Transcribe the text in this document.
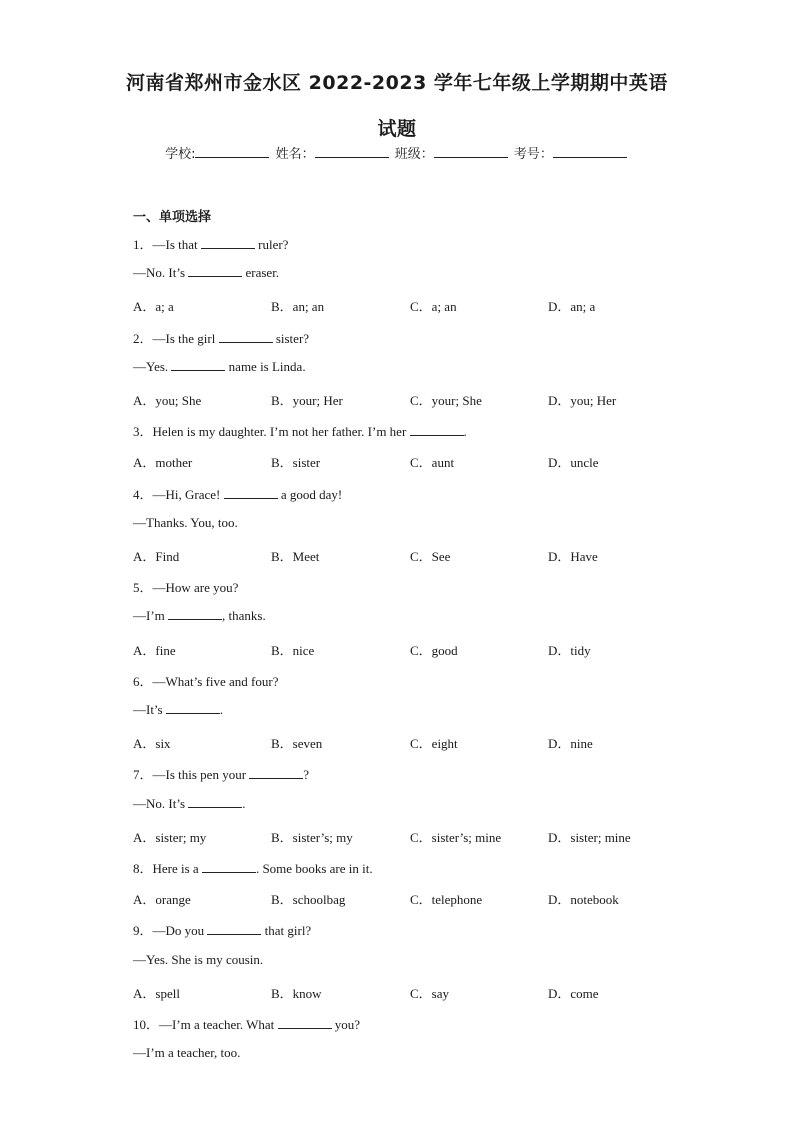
河南省郑州市金水区 2022-2023 学年七年级上学期期中英语
试题
学校:	姓名：	班级：	考号：
一、单项选择
1．—Is that	ruler?
—No. It’s	eraser.
A．a; a	B．an; an	C．a; an	D．an; a
2．—Is the girl	sister?
—Yes.	name is Linda.
A．you; She	B．your; Her	C．your; She	D．you; Her
3．Helen is my daughter. I’m not her father. I’m her	.
A．mother	B．sister	C．aunt	D．uncle
4．—Hi, Grace!	a good day!
—Thanks. You, too.
A．Find	B．Meet	C．See	D．Have
5．—How are you?
—I’m	, thanks.
A．fine	B．nice	C．good	D．tidy
6．—What’s five and four?
—It’s	.
A．six	B．seven	C．eight	D．nine
7．—Is this pen your	?
—No. It’s	.
A．sister; my	B．sister’s; my	C．sister’s; mine	D．sister; mine
8．Here is a	. Some books are in it.
A．orange	B．schoolbag	C．telephone	D．notebook
9．—Do you	that girl?
—Yes. She is my cousin.
A．spell	B．know	C．say	D．come
10．—I’m a teacher. What	you?
—I’m a teacher, too.
